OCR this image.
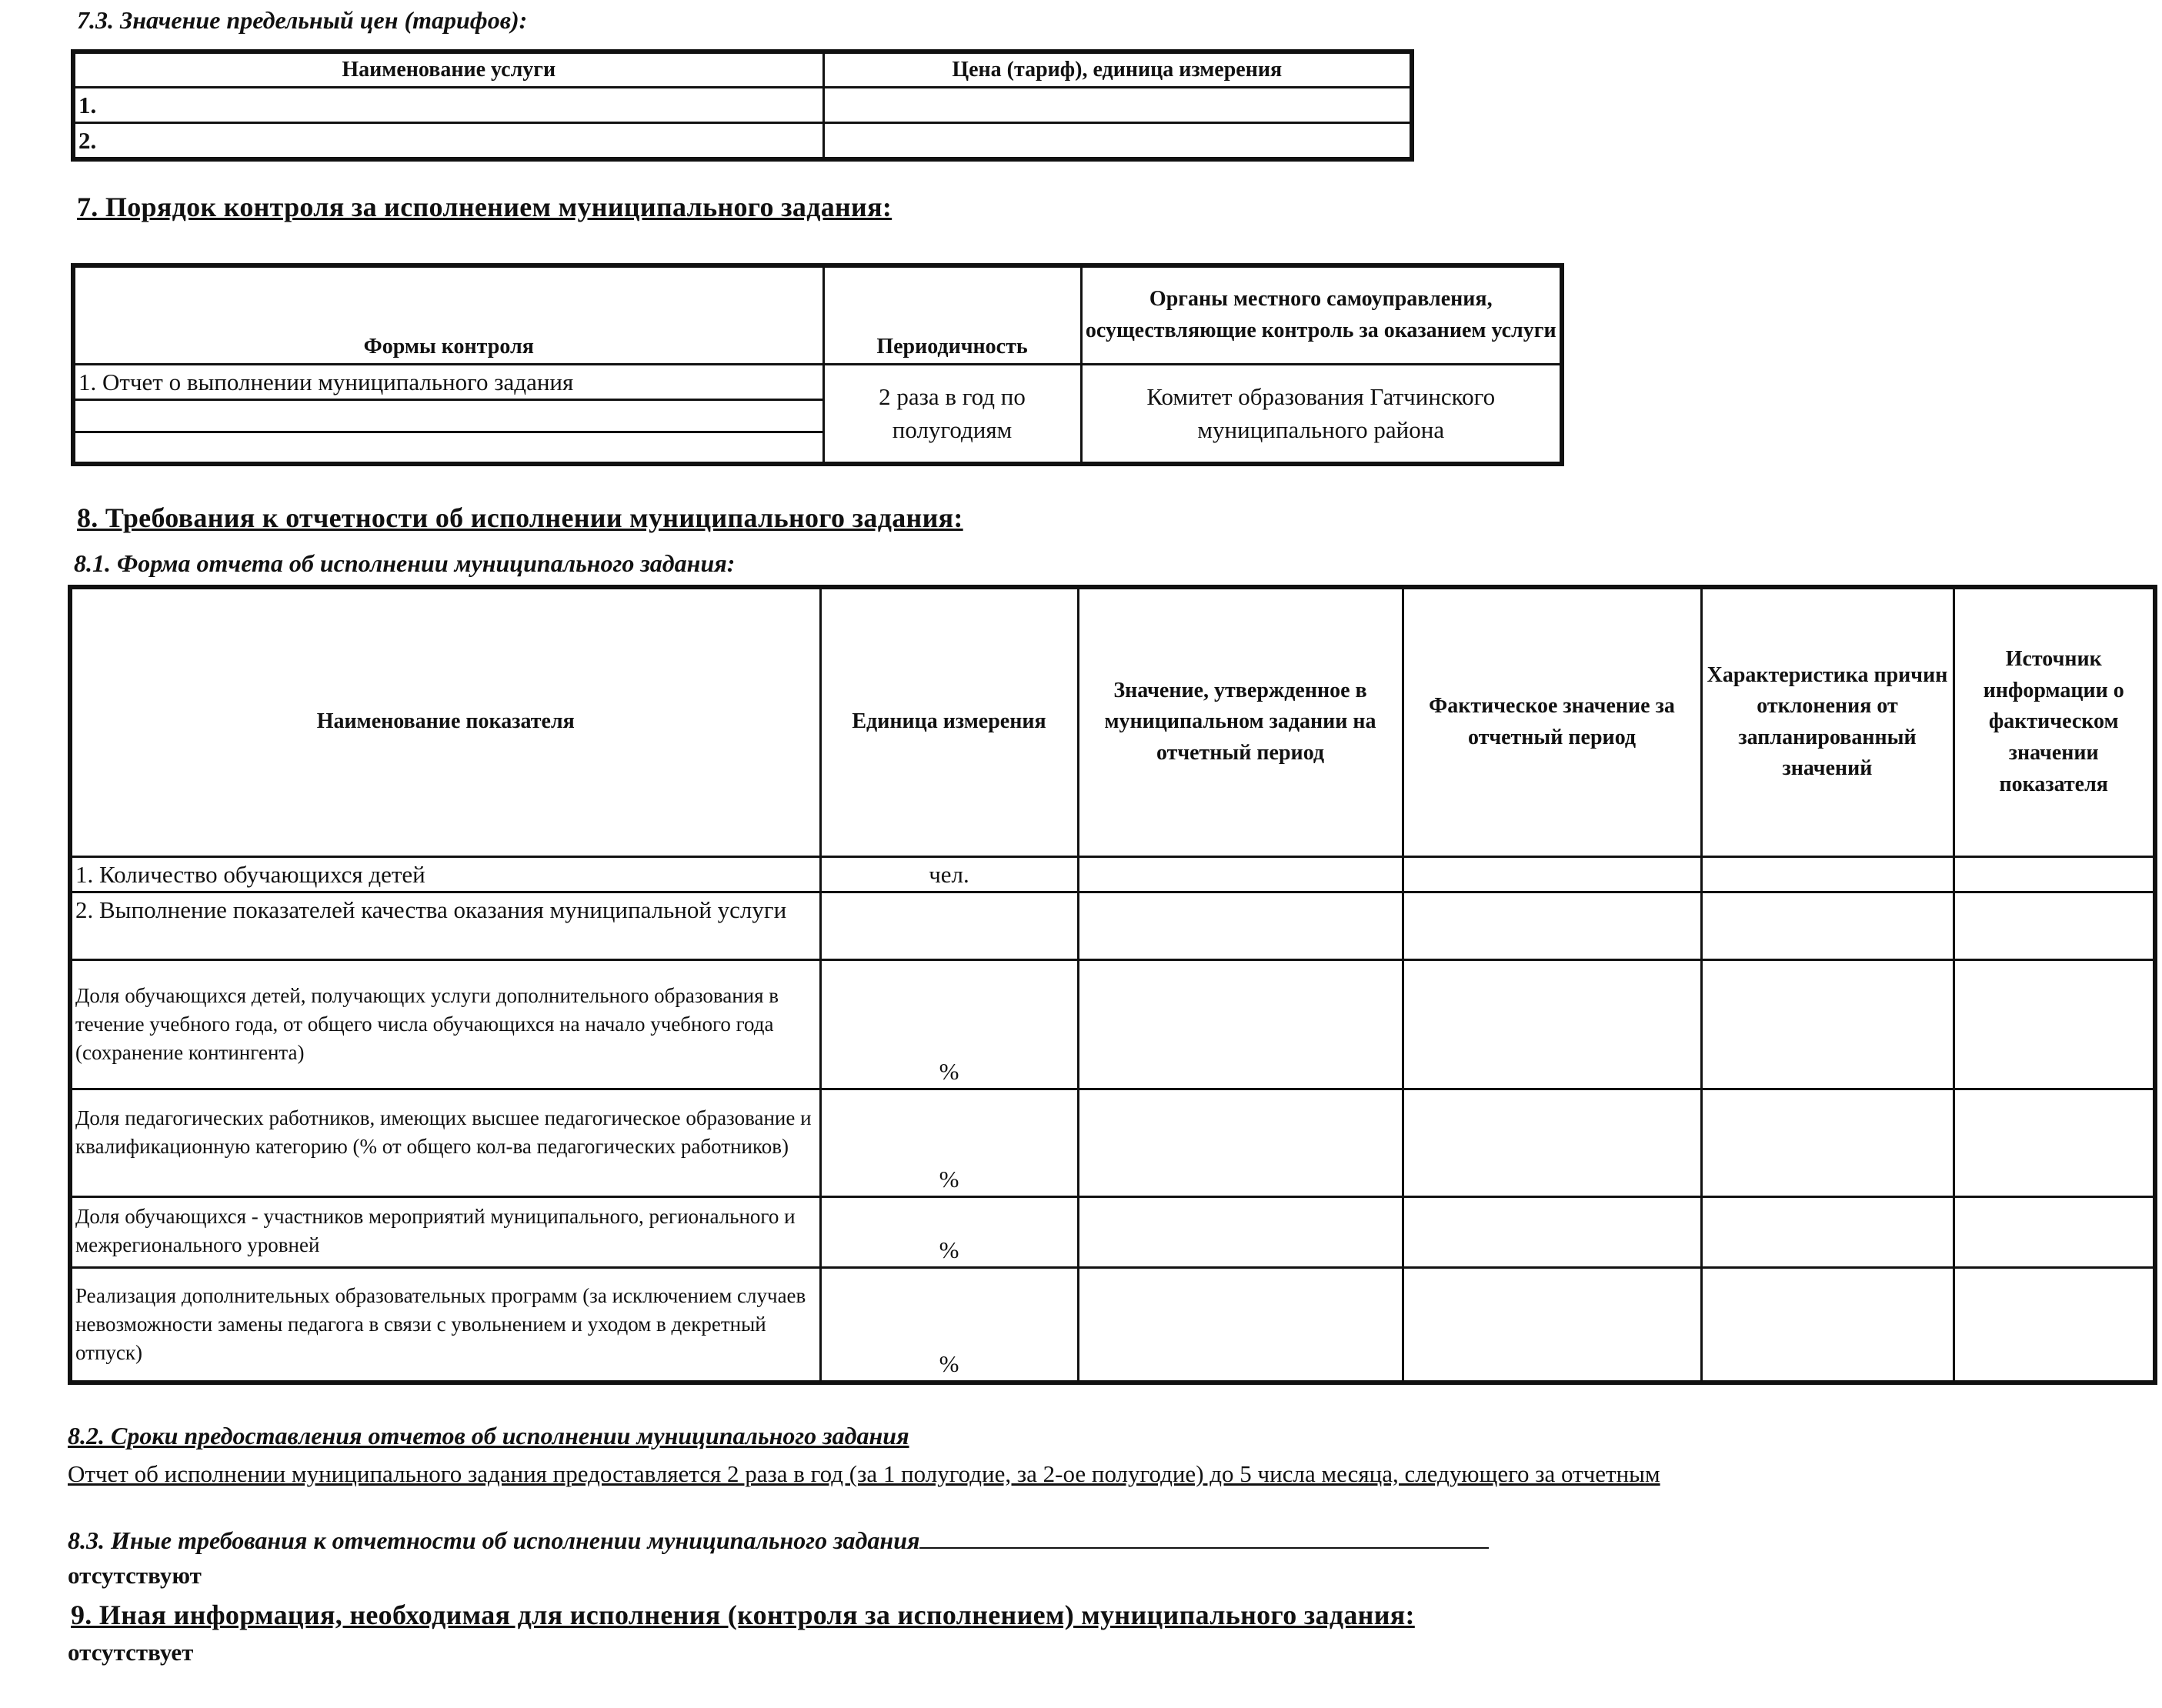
7.3. Значение предельный цен (тарифов):
Наименование услуги	Цена (тариф), единица измерения
1.	
2.	
7. Порядок контроля за исполнением муниципального задания:
Формы контроля	Периодичность	Органы местного самоуправления, осуществляющие контроль за оказанием услуги
1. Отчет о выполнении муниципального задания	2 раза в год по полугодиям	Комитет образования Гатчинского муниципального района

8. Требования к отчетности об исполнении муниципального задания:
8.1. Форма отчета об исполнении муниципального задания:
Наименование показателя	Единица измерения	Значение, утвержденное в муниципальном задании на отчетный период	Фактическое значение за отчетный период	Характеристика причин отклонения от запланированный значений	Источник информации о фактическом значении показателя
1. Количество обучающихся детей	чел.				
2. Выполнение показателей качества оказания муниципальной услуги					
Доля обучающихся детей, получающих услуги дополнительного образования в течение учебного года, от общего числа обучающихся на начало учебного года (сохранение контингента)	%				
Доля педагогических работников, имеющих высшее педагогическое образование и квалификационную категорию (% от общего кол-ва педагогических работников)	%				
Доля обучающихся - участников мероприятий муниципального, регионального и межрегионального уровней	%				
Реализация дополнительных образовательных программ (за исключением случаев невозможности замены педагога в связи с увольнением и уходом в декретный отпуск)	%				
8.2. Сроки предоставления отчетов об исполнении муниципального задания
Отчет об исполнении муниципального задания предоставляется 2 раза в год (за 1 полугодие, за 2-ое полугодие) до 5 числа месяца, следующего за отчетным
8.3. Иные требования к отчетности об исполнении муниципального задания
отсутствуют
9. Иная информация, необходимая для исполнения (контроля за исполнением) муниципального задания:
отсутствует
